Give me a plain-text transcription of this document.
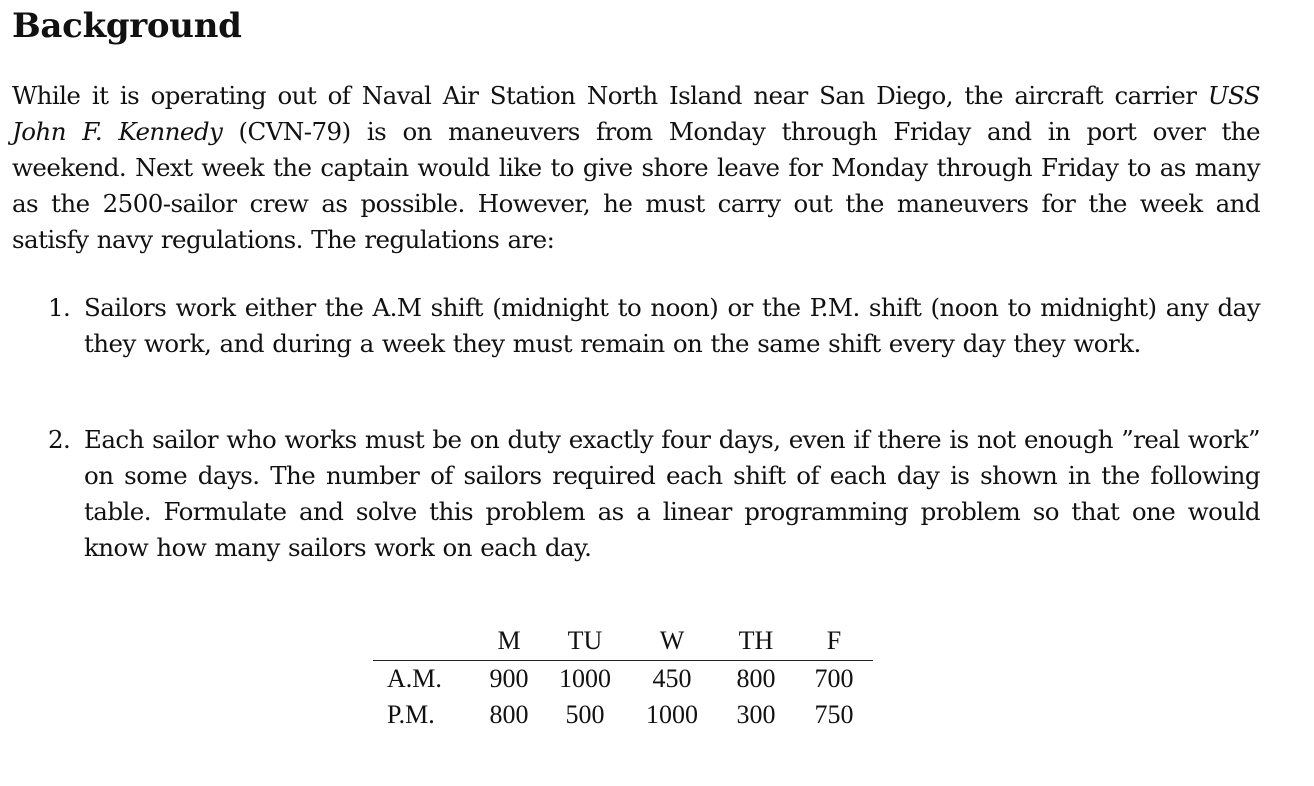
Background

While it is operating out of Naval Air Station North Island near San Diego, the aircraft carrier USS John F. Kennedy (CVN-79) is on maneuvers from Monday through Friday and in port over the weekend. Next week the captain would like to give shore leave for Monday through Friday to as many as the 2500-sailor crew as possible. However, he must carry out the maneuvers for the week and satisfy navy regulations. The regulations are:

1. Sailors work either the A.M shift (midnight to noon) or the P.M. shift (noon to midnight) any day they work, and during a week they must remain on the same shift every day they work.
2. Each sailor who works must be on duty exactly four days, even if there is not enough ”real work” on some days. The number of sailors required each shift of each day is shown in the following table. Formulate and solve this problem as a linear programming problem so that one would know how many sailors work on each day.
	M	TU	W	TH	F
A.M.	900	1000	450	800	700
P.M.	800	500	1000	300	750
